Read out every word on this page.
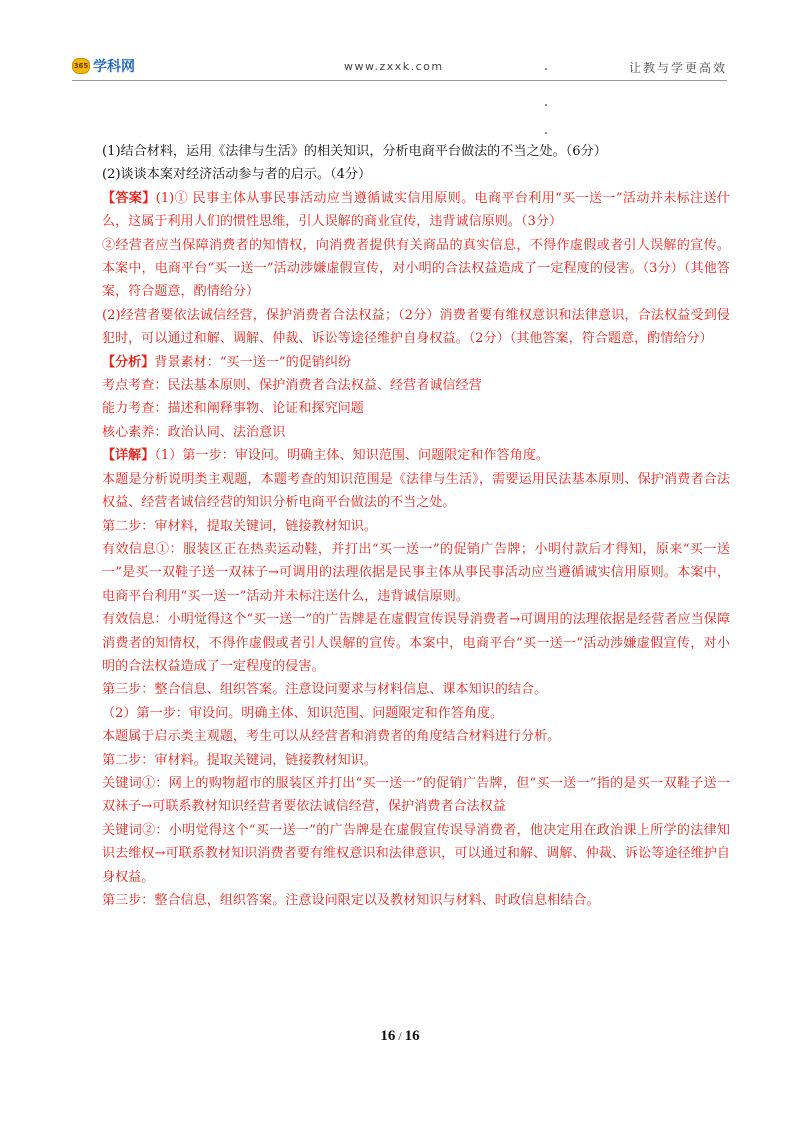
365 学科网	www.zxxk.com	让教与学更高效

(1)结合材料，运用《法律与生活》的相关知识，分析电商平台做法的不当之处。（6分）

(2)谈谈本案对经济活动参与者的启示。（4分）

【答案】(1)① 民事主体从事民事活动应当遵循诚实信用原则。电商平台利用“买一送一”活动并未标注送什么，这属于利用人们的惯性思维，引人误解的商业宣传，违背诚信原则。（3分）

②经营者应当保障消费者的知情权，向消费者提供有关商品的真实信息，不得作虚假或者引人误解的宣传。本案中，电商平台“买一送一”活动涉嫌虚假宣传，对小明的合法权益造成了一定程度的侵害。（3分）（其他答案，符合题意，酌情给分）

(2)经营者要依法诚信经营，保护消费者合法权益；（2分）消费者要有维权意识和法律意识，合法权益受到侵犯时，可以通过和解、调解、仲裁、诉讼等途径维护自身权益。（2分）（其他答案，符合题意，酌情给分）

【分析】背景素材：“买一送一”的促销纠纷

考点考查：民法基本原则、保护消费者合法权益、经营者诚信经营

能力考查：描述和阐释事物、论证和探究问题

核心素养：政治认同、法治意识

【详解】（1）第一步：审设问。明确主体、知识范围、问题限定和作答角度。

本题是分析说明类主观题，本题考查的知识范围是《法律与生活》，需要运用民法基本原则、保护消费者合法权益、经营者诚信经营的知识分析电商平台做法的不当之处。

第二步：审材料，提取关键词，链接教材知识。

有效信息①：服装区正在热卖运动鞋，并打出“买一送一”的促销广告牌；小明付款后才得知，原来“买一送一”是买一双鞋子送一双袜子→可调用的法理依据是民事主体从事民事活动应当遵循诚实信用原则。本案中，电商平台利用“买一送一”活动并未标注送什么，违背诚信原则。

有效信息：小明觉得这个“买一送一”的广告牌是在虚假宣传误导消费者→可调用的法理依据是经营者应当保障消费者的知情权，不得作虚假或者引人误解的宣传。本案中，电商平台“买一送一”活动涉嫌虚假宣传，对小明的合法权益造成了一定程度的侵害。

第三步：整合信息、组织答案。注意设问要求与材料信息、课本知识的结合。

（2）第一步：审设问。明确主体、知识范围、问题限定和作答角度。

本题属于启示类主观题，考生可以从经营者和消费者的角度结合材料进行分析。

第二步：审材料。提取关键词，链接教材知识。

关键词①：网上的购物超市的服装区并打出“买一送一”的促销广告牌，但“买一送一”指的是买一双鞋子送一双袜子→可联系教材知识经营者要依法诚信经营，保护消费者合法权益

关键词②：小明觉得这个“买一送一”的广告牌是在虚假宣传误导消费者，他决定用在政治课上所学的法律知识去维权→可联系教材知识消费者要有维权意识和法律意识，可以通过和解、调解、仲裁、诉讼等途径维护自身权益。

第三步：整合信息，组织答案。注意设问限定以及教材知识与材料、时政信息相结合。

16 / 16
